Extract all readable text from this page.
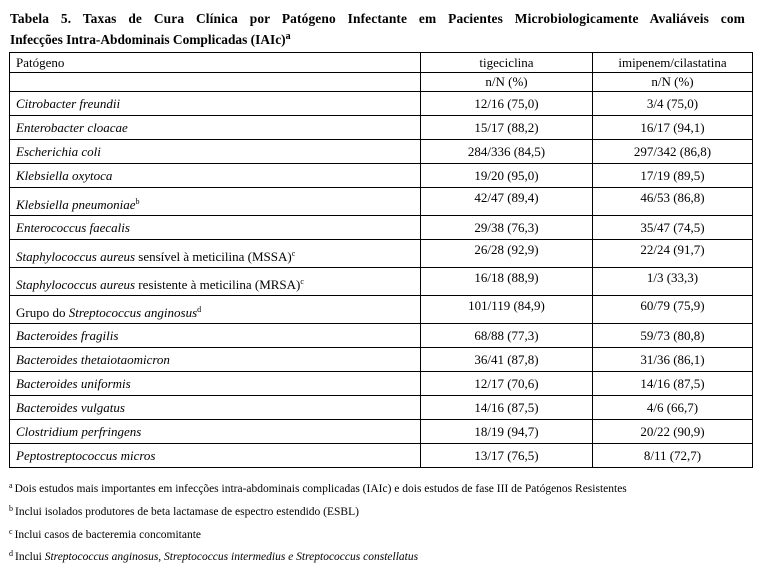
Tabela 5. Taxas de Cura Clínica por Patógeno Infectante em Pacientes Microbiologicamente Avaliáveis com
Infecções Intra-Abdominais Complicadas (IAIc)$^a$
Patógeno	tigeciclina	imipenem/cilastatina
	n/N (%)	n/N (%)
Citrobacter freundii	12/16 (75,0)	3/4 (75,0)
Enterobacter cloacae	15/17 (88,2)	16/17 (94,1)
Escherichia coli	284/336 (84,5)	297/342 (86,8)
Klebsiella oxytoca	19/20 (95,0)	17/19 (89,5)
Klebsiella pneumoniae$^b$	42/47 (89,4)	46/53 (86,8)
Enterococcus faecalis	29/38 (76,3)	35/47 (74,5)
Staphylococcus aureus sensível à meticilina (MSSA)$^c$	26/28 (92,9)	22/24 (91,7)
Staphylococcus aureus resistente à meticilina (MRSA)$^c$	16/18 (88,9)	1/3 (33,3)
Grupo do Streptococcus anginosus$^d$	101/119 (84,9)	60/79 (75,9)
Bacteroides fragilis	68/88 (77,3)	59/73 (80,8)
Bacteroides thetaiotaomicron	36/41 (87,8)	31/36 (86,1)
Bacteroides uniformis	12/17 (70,6)	14/16 (87,5)
Bacteroides vulgatus	14/16 (87,5)	4/6 (66,7)
Clostridium perfringens	18/19 (94,7)	20/22 (90,9)
Peptostreptococcus micros	13/17 (76,5)	8/11 (72,7)
$^a$ Dois estudos mais importantes em infecções intra-abdominais complicadas (IAIc) e dois estudos de fase III de Patógenos Resistentes
$^b$ Inclui isolados produtores de beta lactamase de espectro estendido (ESBL)
$^c$ Inclui casos de bacteremia concomitante
$^d$ Inclui Streptococcus anginosus, Streptococcus intermedius e Streptococcus constellatus
